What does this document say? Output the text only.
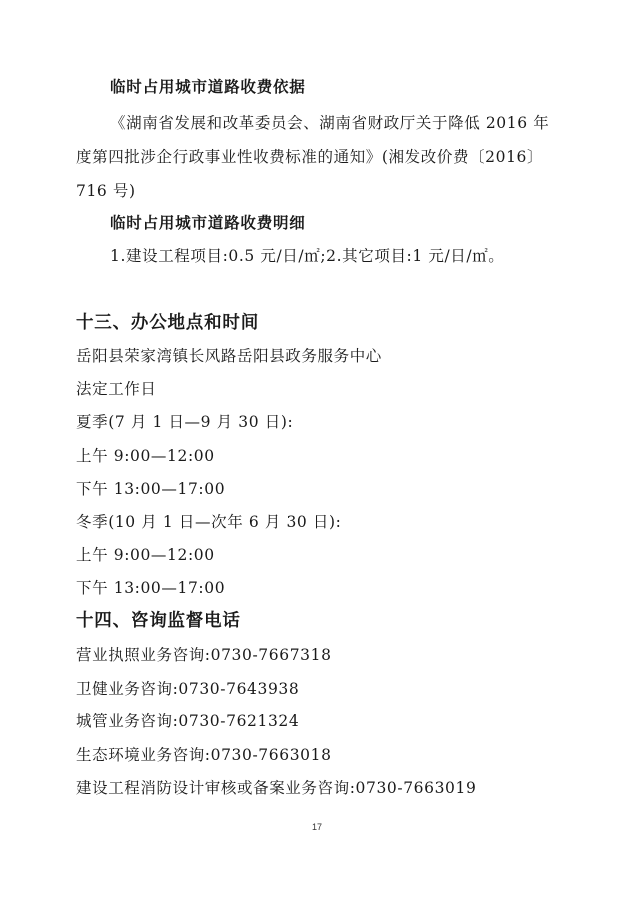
临时占用城市道路收费依据
《湖南省发展和改革委员会、湖南省财政厅关于降低 2016 年
度第四批涉企行政事业性收费标准的通知》(湘发改价费〔2016〕
716 号)
临时占用城市道路收费明细
1.建设工程项目:0.5 元/日/㎡;2.其它项目:1 元/日/㎡。
十三、办公地点和时间
岳阳县荣家湾镇长风路岳阳县政务服务中心
法定工作日
夏季(7 月 1 日—9 月 30 日):
上午 9:00—12:00
下午 13:00—17:00
冬季(10 月 1 日—次年 6 月 30 日):
上午 9:00—12:00
下午 13:00—17:00
十四、咨询监督电话
营业执照业务咨询:0730-7667318
卫健业务咨询:0730-7643938
城管业务咨询:0730-7621324
生态环境业务咨询:0730-7663018
建设工程消防设计审核或备案业务咨询:0730-7663019
17
